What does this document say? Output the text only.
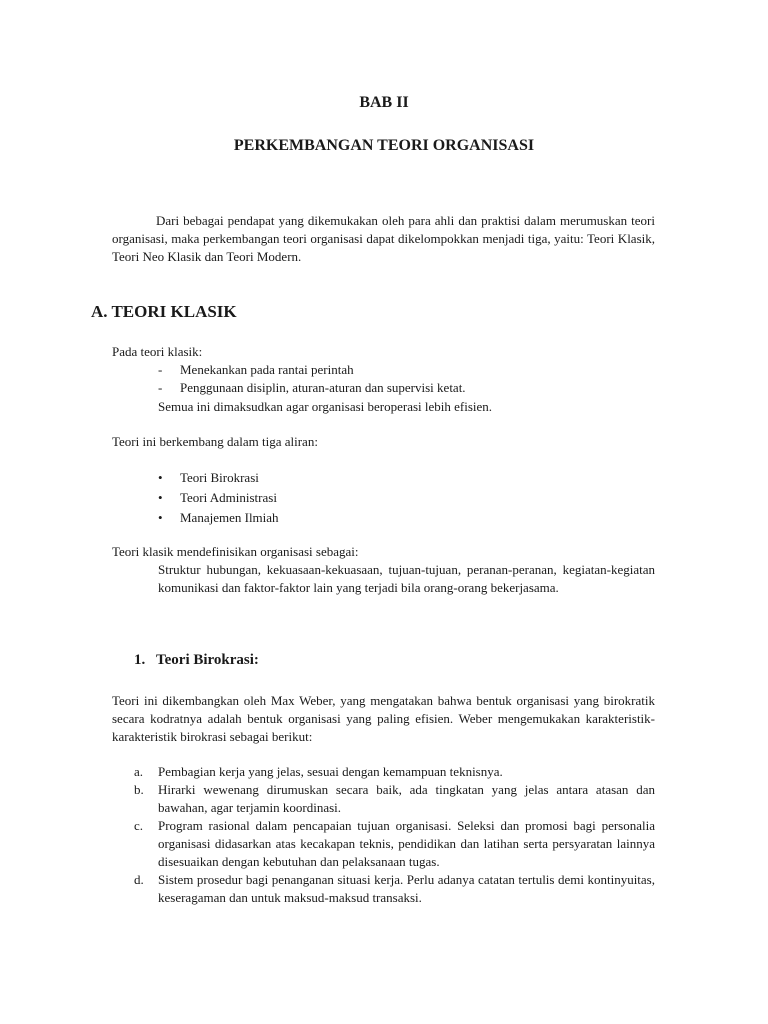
BAB II
PERKEMBANGAN TEORI ORGANISASI
Dari bebagai pendapat yang dikemukakan oleh para ahli dan praktisi dalam merumuskan teori organisasi, maka perkembangan teori organisasi dapat dikelompokkan menjadi tiga, yaitu: Teori Klasik, Teori Neo Klasik dan Teori Modern.
A. TEORI KLASIK
Pada teori klasik:
-	Menekankan pada rantai perintah
-	Penggunaan disiplin, aturan-aturan dan supervisi ketat.
Semua ini dimaksudkan agar organisasi beroperasi lebih efisien.
Teori ini berkembang dalam tiga aliran:
•	Teori Birokrasi
•	Teori Administrasi
•	Manajemen Ilmiah
Teori klasik mendefinisikan organisasi sebagai:
Struktur hubungan, kekuasaan-kekuasaan, tujuan-tujuan, peranan-peranan, kegiatan-kegiatan komunikasi dan faktor-faktor lain yang terjadi bila orang-orang bekerjasama.
1. Teori Birokrasi:
Teori ini dikembangkan oleh Max Weber, yang mengatakan bahwa bentuk organisasi yang birokratik secara kodratnya adalah bentuk organisasi yang paling efisien. Weber mengemukakan karakteristik-karakteristik birokrasi sebagai berikut:
a.	Pembagian kerja yang jelas, sesuai dengan kemampuan teknisnya.
b.	Hirarki wewenang dirumuskan secara baik, ada tingkatan yang jelas antara atasan dan bawahan, agar terjamin koordinasi.
c.	Program rasional dalam pencapaian tujuan organisasi. Seleksi dan promosi bagi personalia organisasi didasarkan atas kecakapan teknis, pendidikan dan latihan serta persyaratan lainnya disesuaikan dengan kebutuhan dan pelaksanaan tugas.
d.	Sistem prosedur bagi penanganan situasi kerja. Perlu adanya catatan tertulis demi kontinyuitas, keseragaman dan untuk maksud-maksud transaksi.
